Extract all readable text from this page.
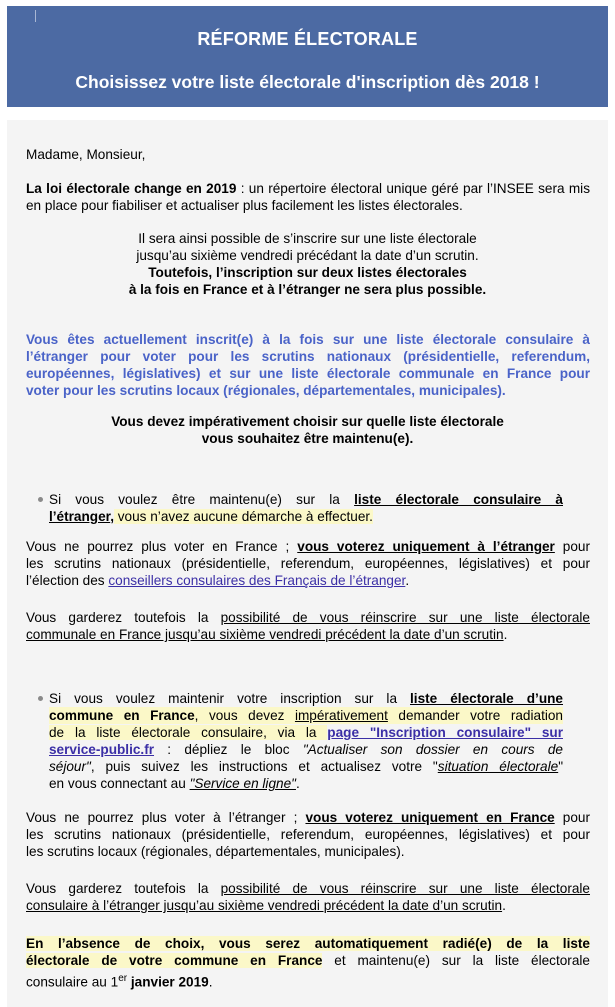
RÉFORME ÉLECTORALE
Choisissez votre liste électorale d'inscription dès 2018 !
Madame, Monsieur,
La loi électorale change en 2019 : un répertoire électoral unique géré par l’INSEE sera mis en place pour fiabiliser et actualiser plus facilement les listes électorales.
Il sera ainsi possible de s’inscrire sur une liste électorale
jusqu’au sixième vendredi précédant la date d’un scrutin.
Toutefois, l’inscription sur deux listes électorales
à la fois en France et à l’étranger ne sera plus possible.
Vous êtes actuellement inscrit(e) à la fois sur une liste électorale consulaire à
l’étranger pour voter pour les scrutins nationaux (présidentielle, referendum,
européennes, législatives) et sur une liste électorale communale en France pour
voter pour les scrutins locaux (régionales, départementales, municipales).
Vous devez impérativement choisir sur quelle liste électorale
vous souhaitez être maintenu(e).
Si vous voulez être maintenu(e) sur la liste électorale consulaire à
l’étranger, vous n’avez aucune démarche à effectuer.
Vous ne pourrez plus voter en France ; vous voterez uniquement à l’étranger pour
les scrutins nationaux (présidentielle, referendum, européennes, législatives) et pour
l’élection des conseillers consulaires des Français de l’étranger.
Vous garderez toutefois la possibilité de vous réinscrire sur une liste électorale
communale en France jusqu’au sixième vendredi précédent la date d’un scrutin.
Si vous voulez maintenir votre inscription sur la liste électorale d’une
commune en France, vous devez impérativement demander votre radiation
de la liste électorale consulaire, via la page "Inscription consulaire" sur
service-public.fr : dépliez le bloc "Actualiser son dossier en cours de
séjour", puis suivez les instructions et actualisez votre "situation électorale"
en vous connectant au "Service en ligne".
Vous ne pourrez plus voter à l’étranger ; vous voterez uniquement en France pour
les scrutins nationaux (présidentielle, referendum, européennes, législatives) et pour
les scrutins locaux (régionales, départementales, municipales).
Vous garderez toutefois la possibilité de vous réinscrire sur une liste électorale
consulaire à l’étranger jusqu’au sixième vendredi précédent la date d’un scrutin.
En l’absence de choix, vous serez automatiquement radié(e) de la liste
électorale de votre commune en France et maintenu(e) sur la liste électorale
consulaire au 1er janvier 2019.
